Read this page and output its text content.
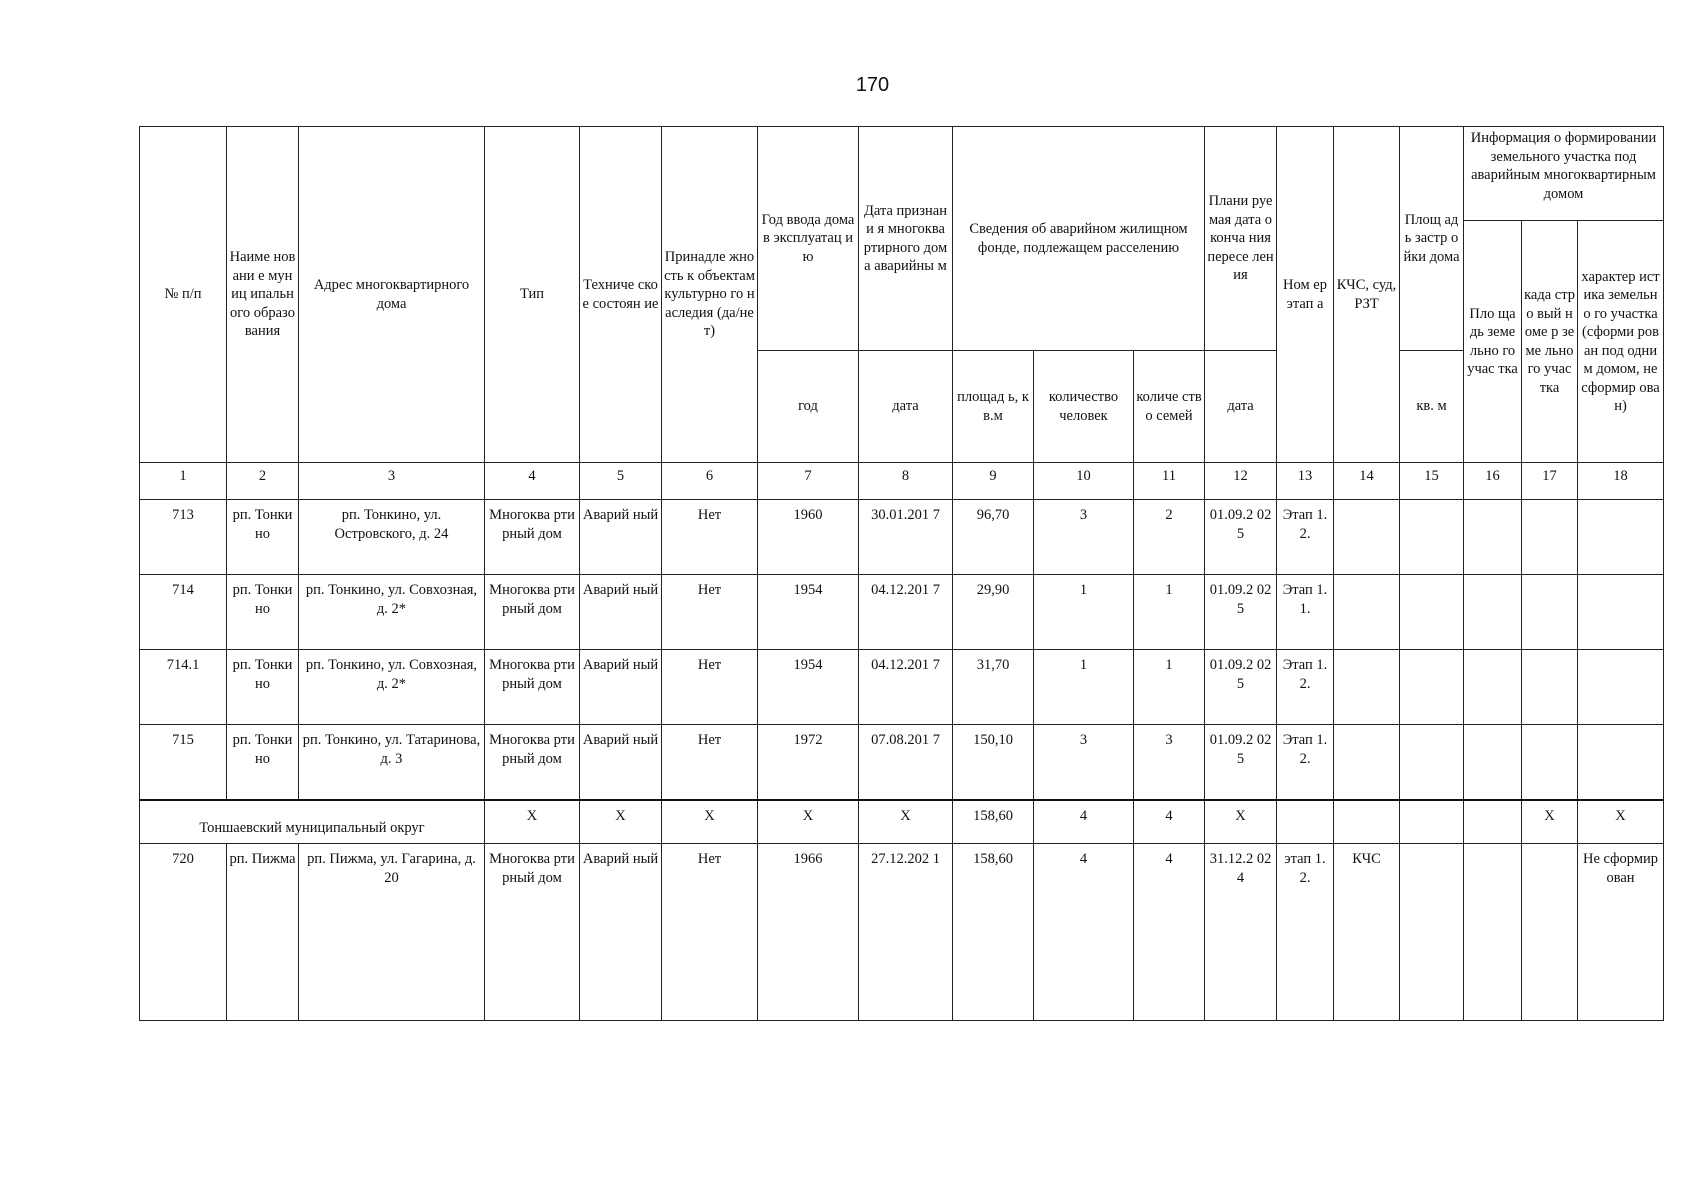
170
№ п/п	Наиме новани е муниц ипальн ого образо вания	Адрес многоквартирного дома	Тип	Техниче ское состоян ие	Принадле жность к объектам культурно го наследия (да/нет)	Год ввода дома в эксплуатац ию	Дата признани я многоква ртирного дома аварийны м	Сведения об аварийном жилищном фонде, подлежащем расселению			Плани руемая дата оконча ния пересе ления	Ном ер этап а	КЧС, суд, РЗТ	Площ адь застр ойки дома	Информация о формировании земельного участка под аварийным многоквартирным домом		
															Пло щадь земе льно го учас тка	када стро вый номе р земе льно го учас тка	характер истика земельно го участка (сформи рован под одним домом, не сформир ован)
						год	дата	площад ь, кв.м	количество человек	количе ство семей	дата			кв. м			
1	2	3	4	5	6	7	8	9	10	11	12	13	14	15	16	17	18
713	рп. Тонки но	рп. Тонкино, ул. Островского, д. 24	Многоква ртирный дом	Аварий ный	Нет	1960	30.01.201 7	96,70	3	2	01.09.2 025	Этап 1.2.					
714	рп. Тонки но	рп. Тонкино, ул. Совхозная, д. 2*	Многоква ртирный дом	Аварий ный	Нет	1954	04.12.201 7	29,90	1	1	01.09.2 025	Этап 1.1.					
714.1	рп. Тонки но	рп. Тонкино, ул. Совхозная, д. 2*	Многоква ртирный дом	Аварий ный	Нет	1954	04.12.201 7	31,70	1	1	01.09.2 025	Этап 1.2.					
715	рп. Тонки но	рп. Тонкино, ул. Татаринова, д. 3	Многоква ртирный дом	Аварий ный	Нет	1972	07.08.201 7	150,10	3	3	01.09.2 025	Этап 1.2.					
Тоншаевский муниципальный округ			X	X	X	X	X	158,60	4	4	X					X	X
720	рп. Пижма	рп. Пижма, ул. Гагарина, д. 20	Многоква ртирный дом	Аварий ный	Нет	1966	27.12.202 1	158,60	4	4	31.12.2 024	этап 1.2.	КЧС				Не сформир ован
